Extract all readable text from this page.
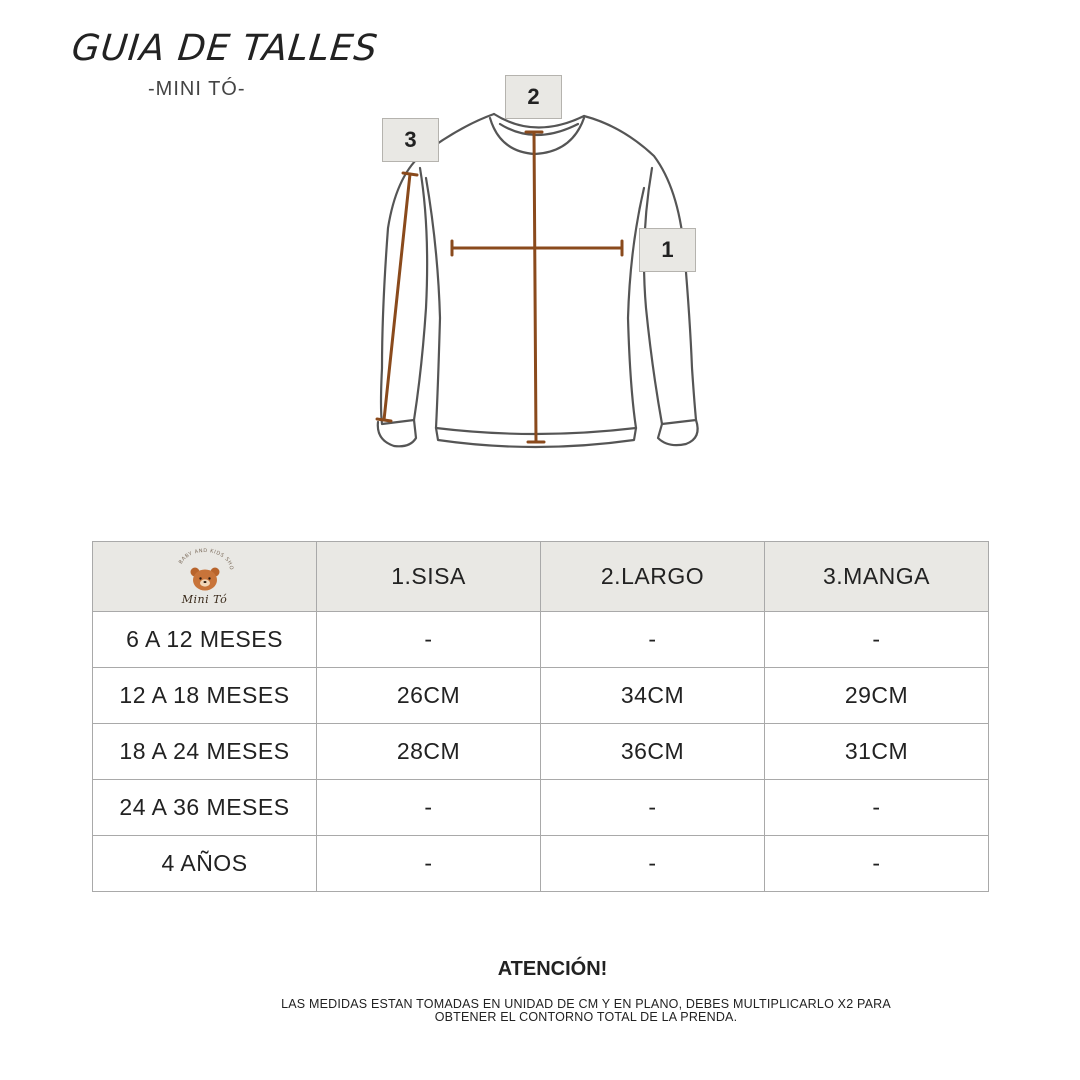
GUIA DE TALLES
-MINI TÓ-	2
3
1
BABY AND KIDS SHO
Mini Tó	1.SISA	2.LARGO	3.MANGA
6 A 12 MESES	-	-	-
12 A 18 MESES	26CM	34CM	29CM
18 A 24 MESES	28CM	36CM	31CM
24 A 36 MESES	-	-	-
4 AÑOS	-	-	-
ATENCIÓN!
LAS MEDIDAS ESTAN TOMADAS EN UNIDAD DE CM Y EN PLANO, DEBES MULTIPLICARLO X2 PARA
OBTENER EL CONTORNO TOTAL DE LA PRENDA.
